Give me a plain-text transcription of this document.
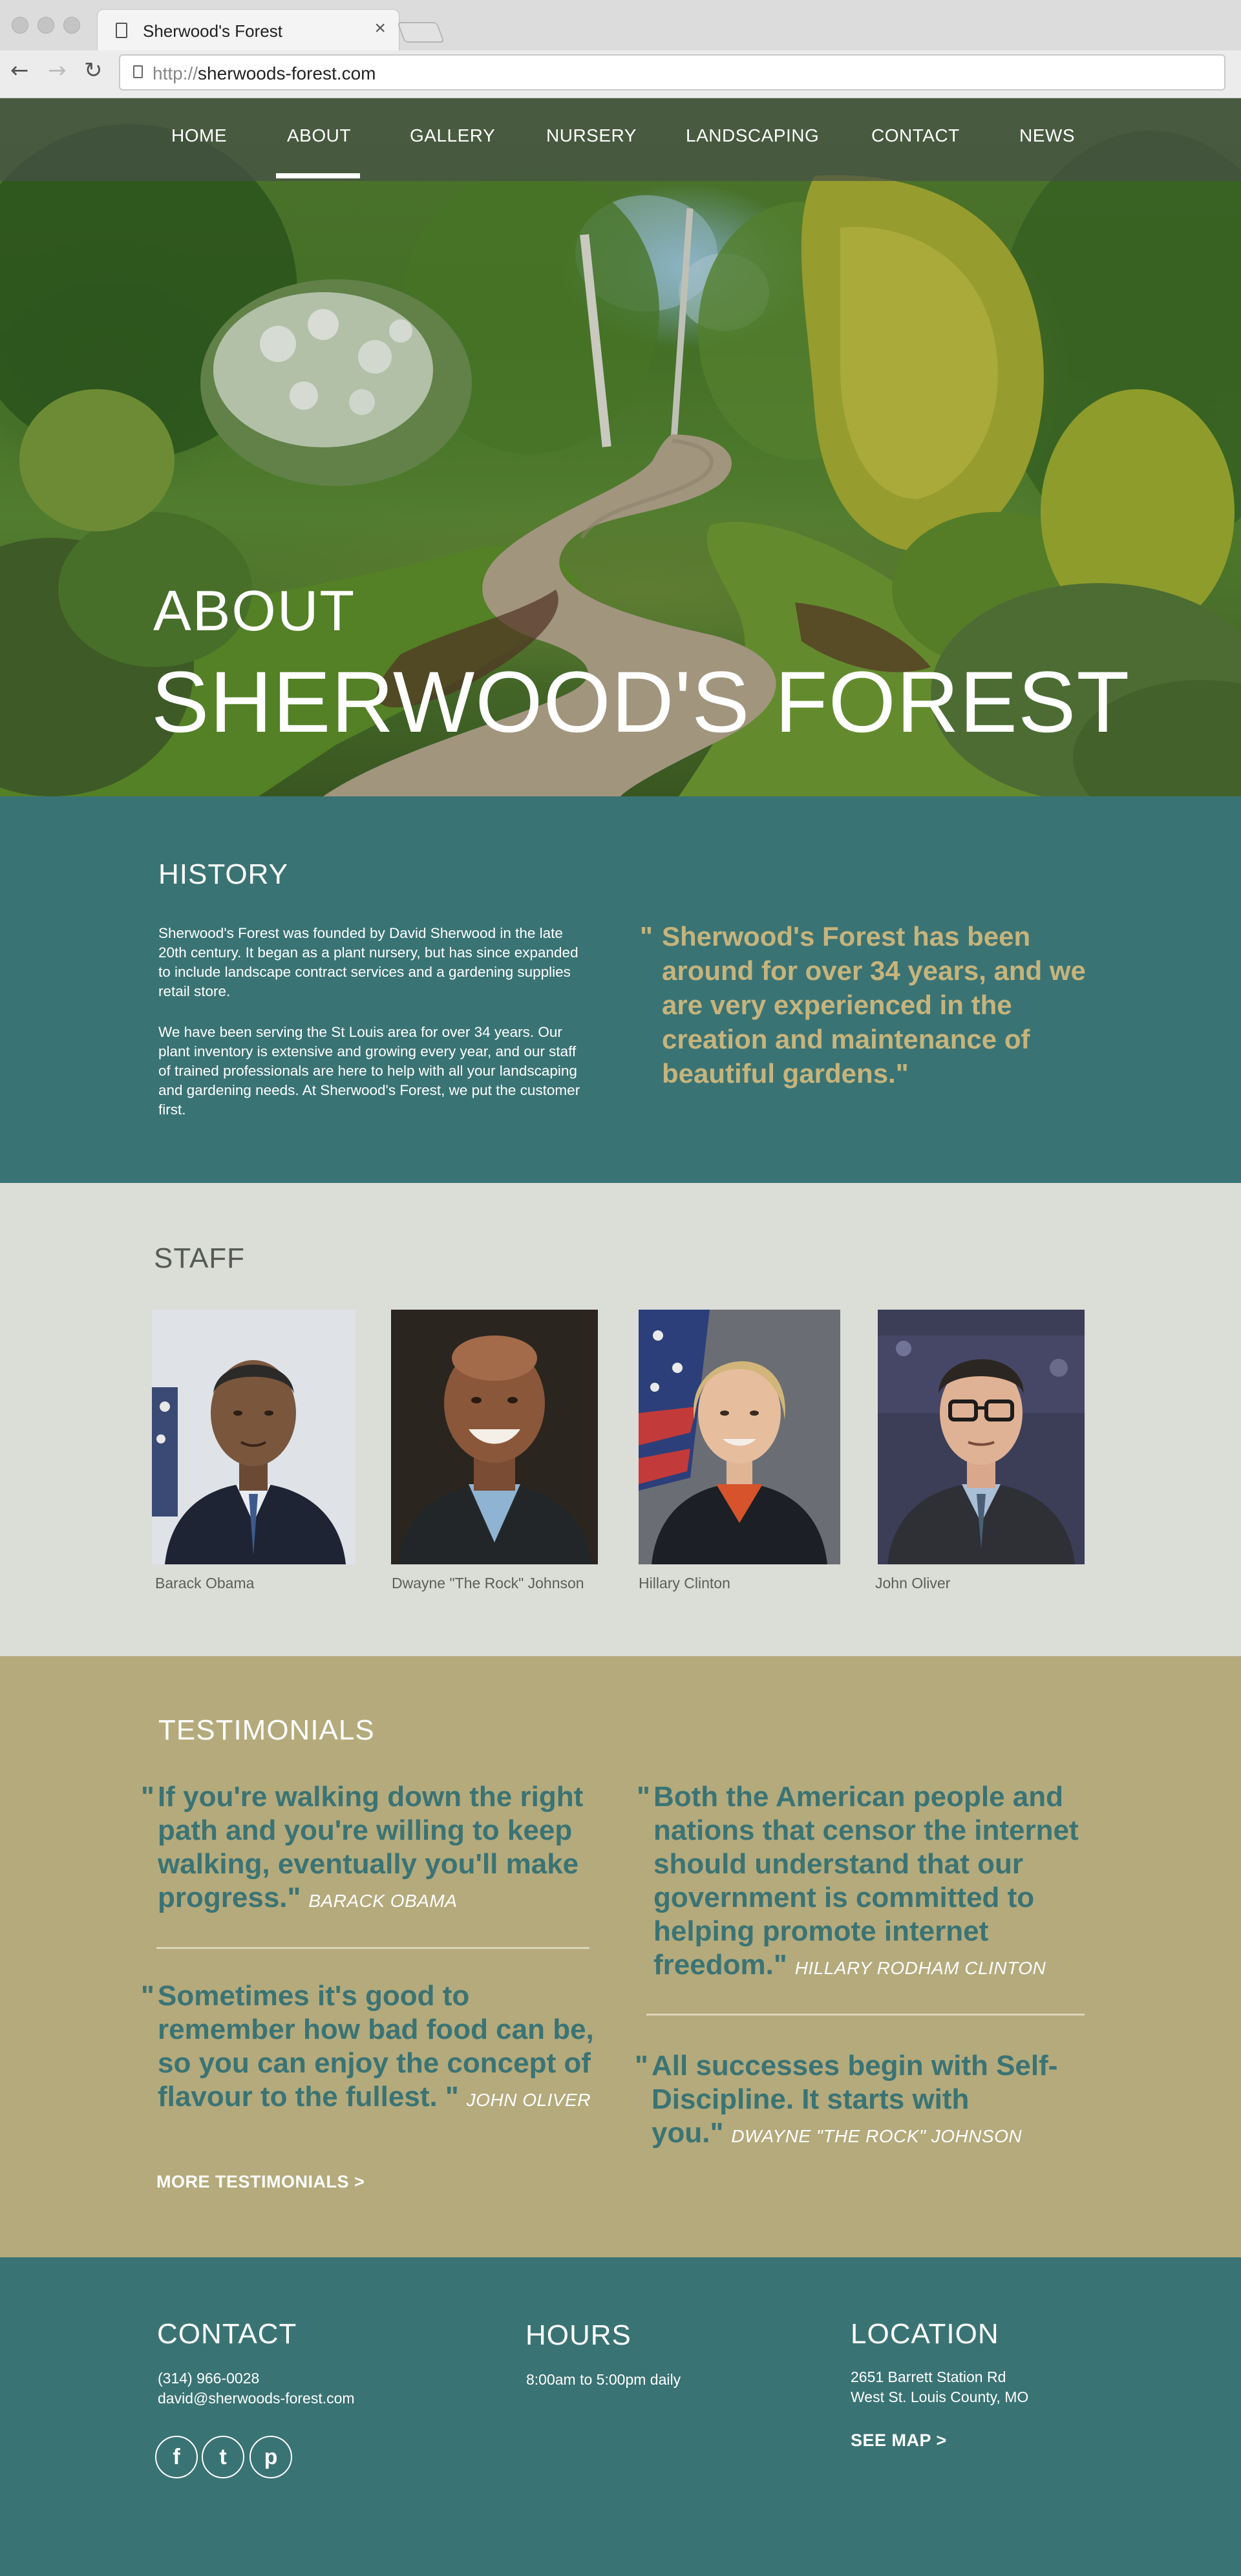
Sherwood's Forest	×
← → ↻	http://sherwoods-forest.com
HOME	ABOUT	GALLERY	NURSERY	LANDSCAPING	CONTACT	NEWS
ABOUT
SHERWOOD'S FOREST
HISTORY

Sherwood's Forest was founded by David Sherwood in the late 20th century. It began as a plant nursery, but has since expanded to include landscape contract services and a gardening supplies retail store.

We have been serving the St Louis area for over 34 years. Our plant inventory is extensive and growing every year, and our staff of trained professionals are here to help with all your landscaping and gardening needs. At Sherwood's Forest, we put the customer first.

" Sherwood's Forest has been around for over 34 years, and we are very experienced in the creation and maintenance of beautiful gardens."
STAFF
Barack Obama	Dwayne "The Rock" Johnson	Hillary Clinton	John Oliver
TESTIMONIALS
" If you're walking down the right path and you're willing to keep walking, eventually you'll make progress." BARACK OBAMA
" Sometimes it's good to remember how bad food can be, so you can enjoy the concept of flavour to the fullest. " JOHN OLIVER
" Both the American people and nations that censor the internet should understand that our government is committed to helping promote internet freedom." HILLARY RODHAM CLINTON
" All successes begin with Self-Discipline. It starts with you." DWAYNE "THE ROCK" JOHNSON
MORE TESTIMONIALS >
CONTACT
(314) 966-0028
david@sherwoods-forest.com
HOURS
8:00am to 5:00pm daily
LOCATION
2651 Barrett Station Rd
West St. Louis County, MO
f	t	p
SEE MAP >
